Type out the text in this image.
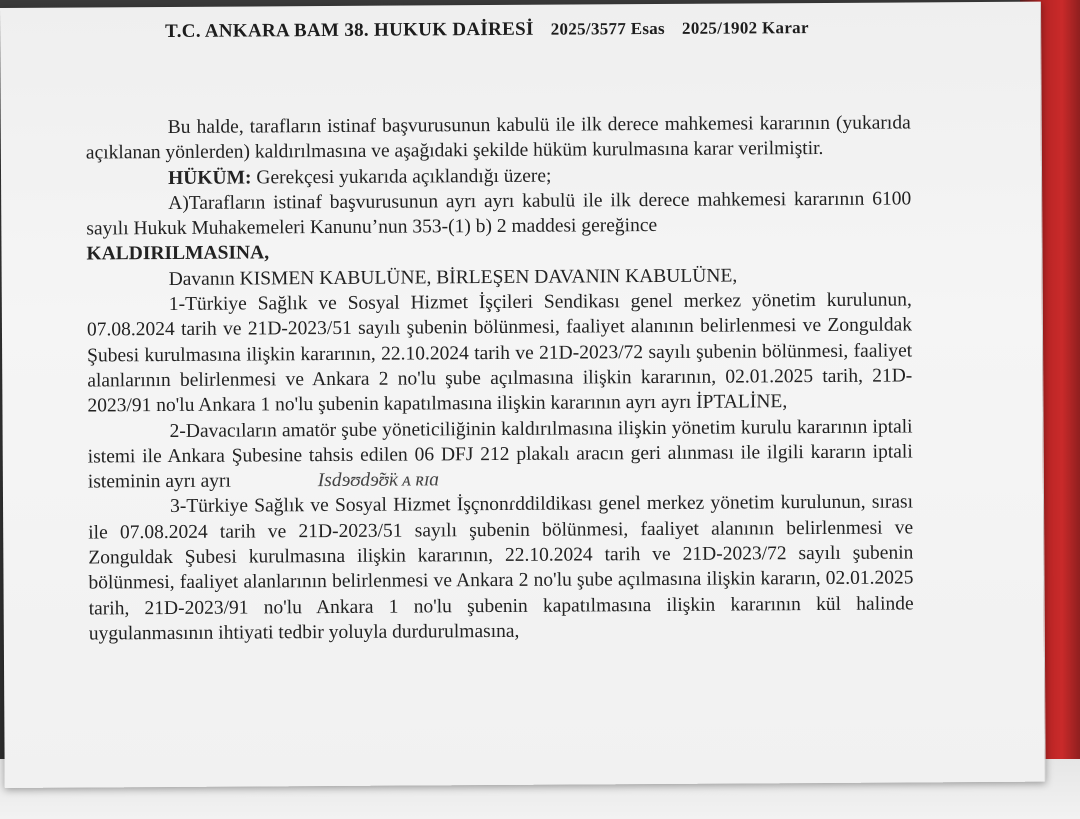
T.C. ANKARA BAM 38. HUKUK DAİRESİ 2025/3577 Esas 2025/1902 Karar

Bu halde, tarafların istinaf başvurusunun kabulü ile ilk derece mahkemesi kararının (yukarıda açıklanan yönlerden) kaldırılmasına ve aşağıdaki şekilde hüküm kurulmasına karar verilmiştir.

HÜKÜM: Gerekçesi yukarıda açıklandığı üzere;

A)Tarafların istinaf başvurusunun ayrı ayrı kabulü ile ilk derece mahkemesi kararının 6100 sayılı Hukuk Muhakemeleri Kanunu’nun 353-(1) b) 2 maddesi gereğince

KALDIRILMASINA,

Davanın KISMEN KABULÜNE, BİRLEŞEN DAVANIN KABULÜNE,

1-Türkiye Sağlık ve Sosyal Hizmet İşçileri Sendikası genel merkez yönetim kurulunun, 07.08.2024 tarih ve 21D-2023/51 sayılı şubenin bölünmesi, faaliyet alanının belirlenmesi ve Zonguldak Şubesi kurulmasına ilişkin kararının, 22.10.2024 tarih ve 21D-2023/72 sayılı şubenin bölünmesi, faaliyet alanlarının belirlenmesi ve Ankara 2 no'lu şube açılmasına ilişkin kararının, 02.01.2025 tarih, 21D-2023/91 no'lu Ankara 1 no'lu şubenin kapatılmasına ilişkin kararının ayrı ayrı İPTALİNE,

2-Davacıların amatör şube yöneticiliğinin kaldırılmasına ilişkin yönetim kurulu kararının iptali istemi ile Ankara Şubesine tahsis edilen 06 DFJ 212 plakalı aracın geri alınması ile ilgili kararın iptali isteminin ayrı ayrı	Isdɘʊdɘ̃ʊ̈ᴋ ᴀ ʀɪɑ

3-Türkiye Sağlık ve Sosyal Hizmet İşçnonɾddildikası genel merkez yönetim kurulunun, sırası ile 07.08.2024 tarih ve 21D-2023/51 sayılı şubenin bölünmesi, faaliyet alanının belirlenmesi ve Zonguldak Şubesi kurulmasına ilişkin kararının, 22.10.2024 tarih ve 21D-2023/72 sayılı şubenin bölünmesi, faaliyet alanlarının belirlenmesi ve Ankara 2 no'lu şube açılmasına ilişkin kararın, 02.01.2025 tarih, 21D-2023/91 no'lu Ankara 1 no'lu şubenin kapatılmasına ilişkin kararının kül halinde uygulanmasının ihtiyati tedbir yoluyla durdurulmasına,
